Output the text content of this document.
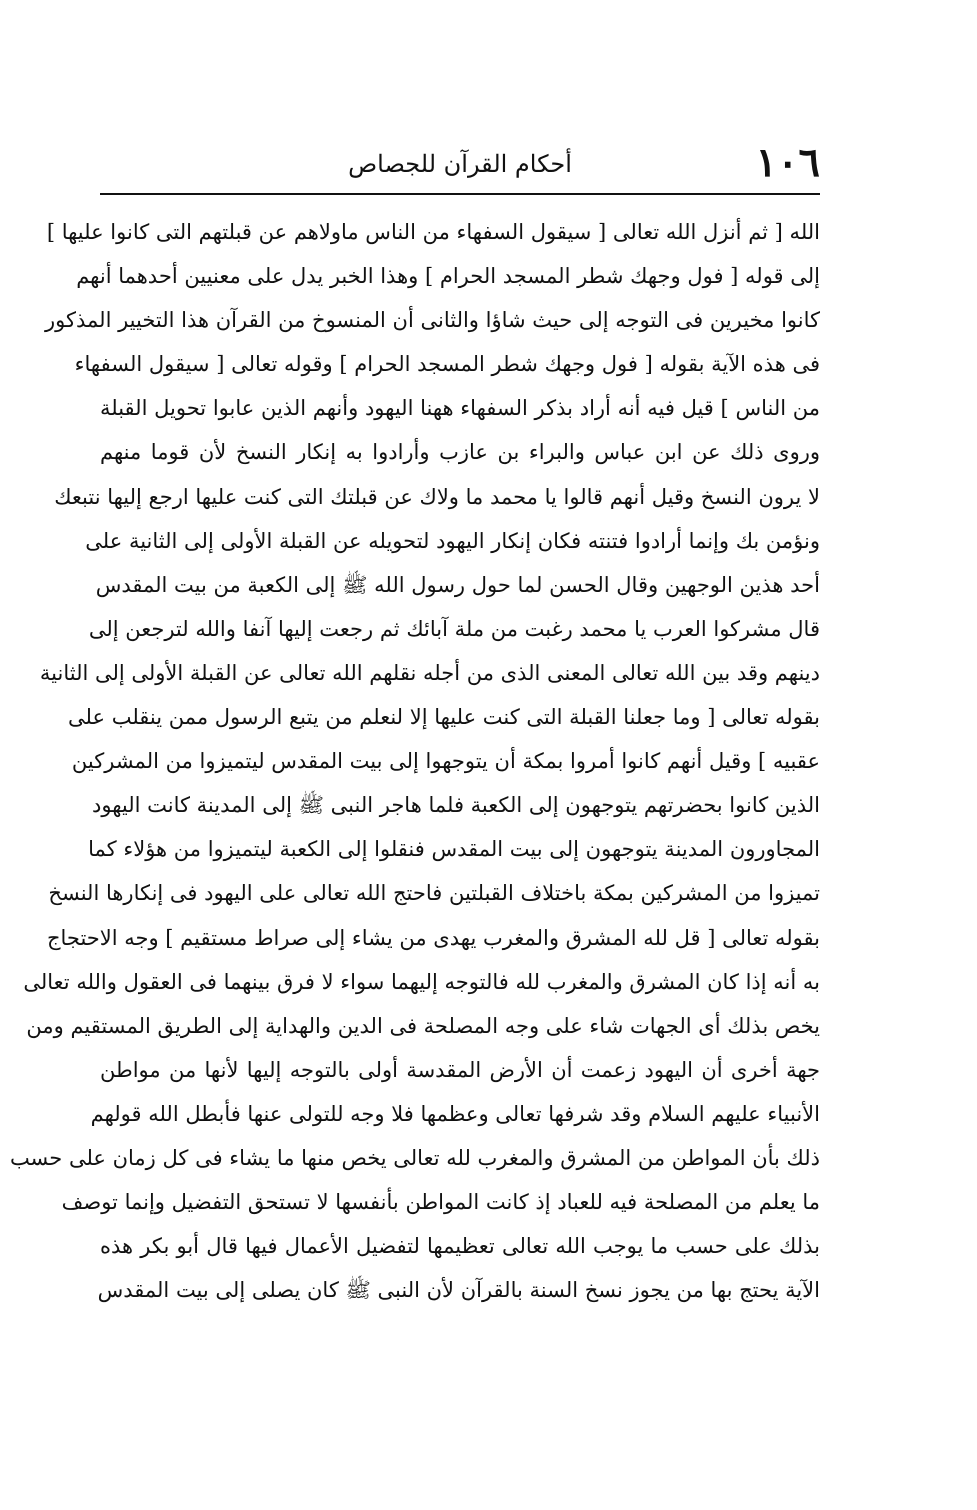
١٠٦
أحكام القرآن للجصاص
الله [ ثم أنزل الله تعالى [ سيقول السفهاء من الناس ماولاهم عن قبلتهم التى كانوا عليها ]
إلى قوله [ فول وجهك شطر المسجد الحرام ] وهذا الخبر يدل على معنيين أحدهما أنهم
كانوا مخيرين فى التوجه إلى حيث شاؤا والثانى أن المنسوخ من القرآن هذا التخيير المذكور
فى هذه الآية بقوله [ فول وجهك شطر المسجد الحرام ] وقوله تعالى [ سيقول السفهاء
من الناس ] قيل فيه أنه أراد بذكر السفهاء ههنا اليهود وأنهم الذين عابوا تحويل القبلة
وروى ذلك عن ابن عباس والبراء بن عازب وأرادوا به إنكار النسخ لأن قوما منهم
لا يرون النسخ وقيل أنهم قالوا يا محمد ما ولاك عن قبلتك التى كنت عليها ارجع إليها نتبعك
ونؤمن بك وإنما أرادوا فتنته فكان إنكار اليهود لتحويله عن القبلة الأولى إلى الثانية على
أحد هذين الوجهين وقال الحسن لما حول رسول الله ﷺ إلى الكعبة من بيت المقدس
قال مشركوا العرب يا محمد رغبت من ملة آبائك ثم رجعت إليها آنفا والله لترجعن إلى
دينهم وقد بين الله تعالى المعنى الذى من أجله نقلهم الله تعالى عن القبلة الأولى إلى الثانية
بقوله تعالى [ وما جعلنا القبلة التى كنت عليها إلا لنعلم من يتبع الرسول ممن ينقلب على
عقبيه ] وقيل أنهم كانوا أمروا بمكة أن يتوجهوا إلى بيت المقدس ليتميزوا من المشركين
الذين كانوا بحضرتهم يتوجهون إلى الكعبة فلما هاجر النبى ﷺ إلى المدينة كانت اليهود
المجاورون المدينة يتوجهون إلى بيت المقدس فنقلوا إلى الكعبة ليتميزوا من هؤلاء كما
تميزوا من المشركين بمكة باختلاف القبلتين فاحتج الله تعالى على اليهود فى إنكارها النسخ
بقوله تعالى [ قل لله المشرق والمغرب يهدى من يشاء إلى صراط مستقيم ] وجه الاحتجاج
به أنه إذا كان المشرق والمغرب لله فالتوجه إليهما سواء لا فرق بينهما فى العقول والله تعالى
يخص بذلك أى الجهات شاء على وجه المصلحة فى الدين والهداية إلى الطريق المستقيم ومن
جهة أخرى أن اليهود زعمت أن الأرض المقدسة أولى بالتوجه إليها لأنها من مواطن
الأنبياء عليهم السلام وقد شرفها تعالى وعظمها فلا وجه للتولى عنها فأبطل الله قولهم
ذلك بأن المواطن من المشرق والمغرب لله تعالى يخص منها ما يشاء فى كل زمان على حسب
ما يعلم من المصلحة فيه للعباد إذ كانت المواطن بأنفسها لا تستحق التفضيل وإنما توصف
بذلك على حسب ما يوجب الله تعالى تعظيمها لتفضيل الأعمال فيها قال أبو بكر هذه
الآية يحتج بها من يجوز نسخ السنة بالقرآن لأن النبى ﷺ كان يصلى إلى بيت المقدس
